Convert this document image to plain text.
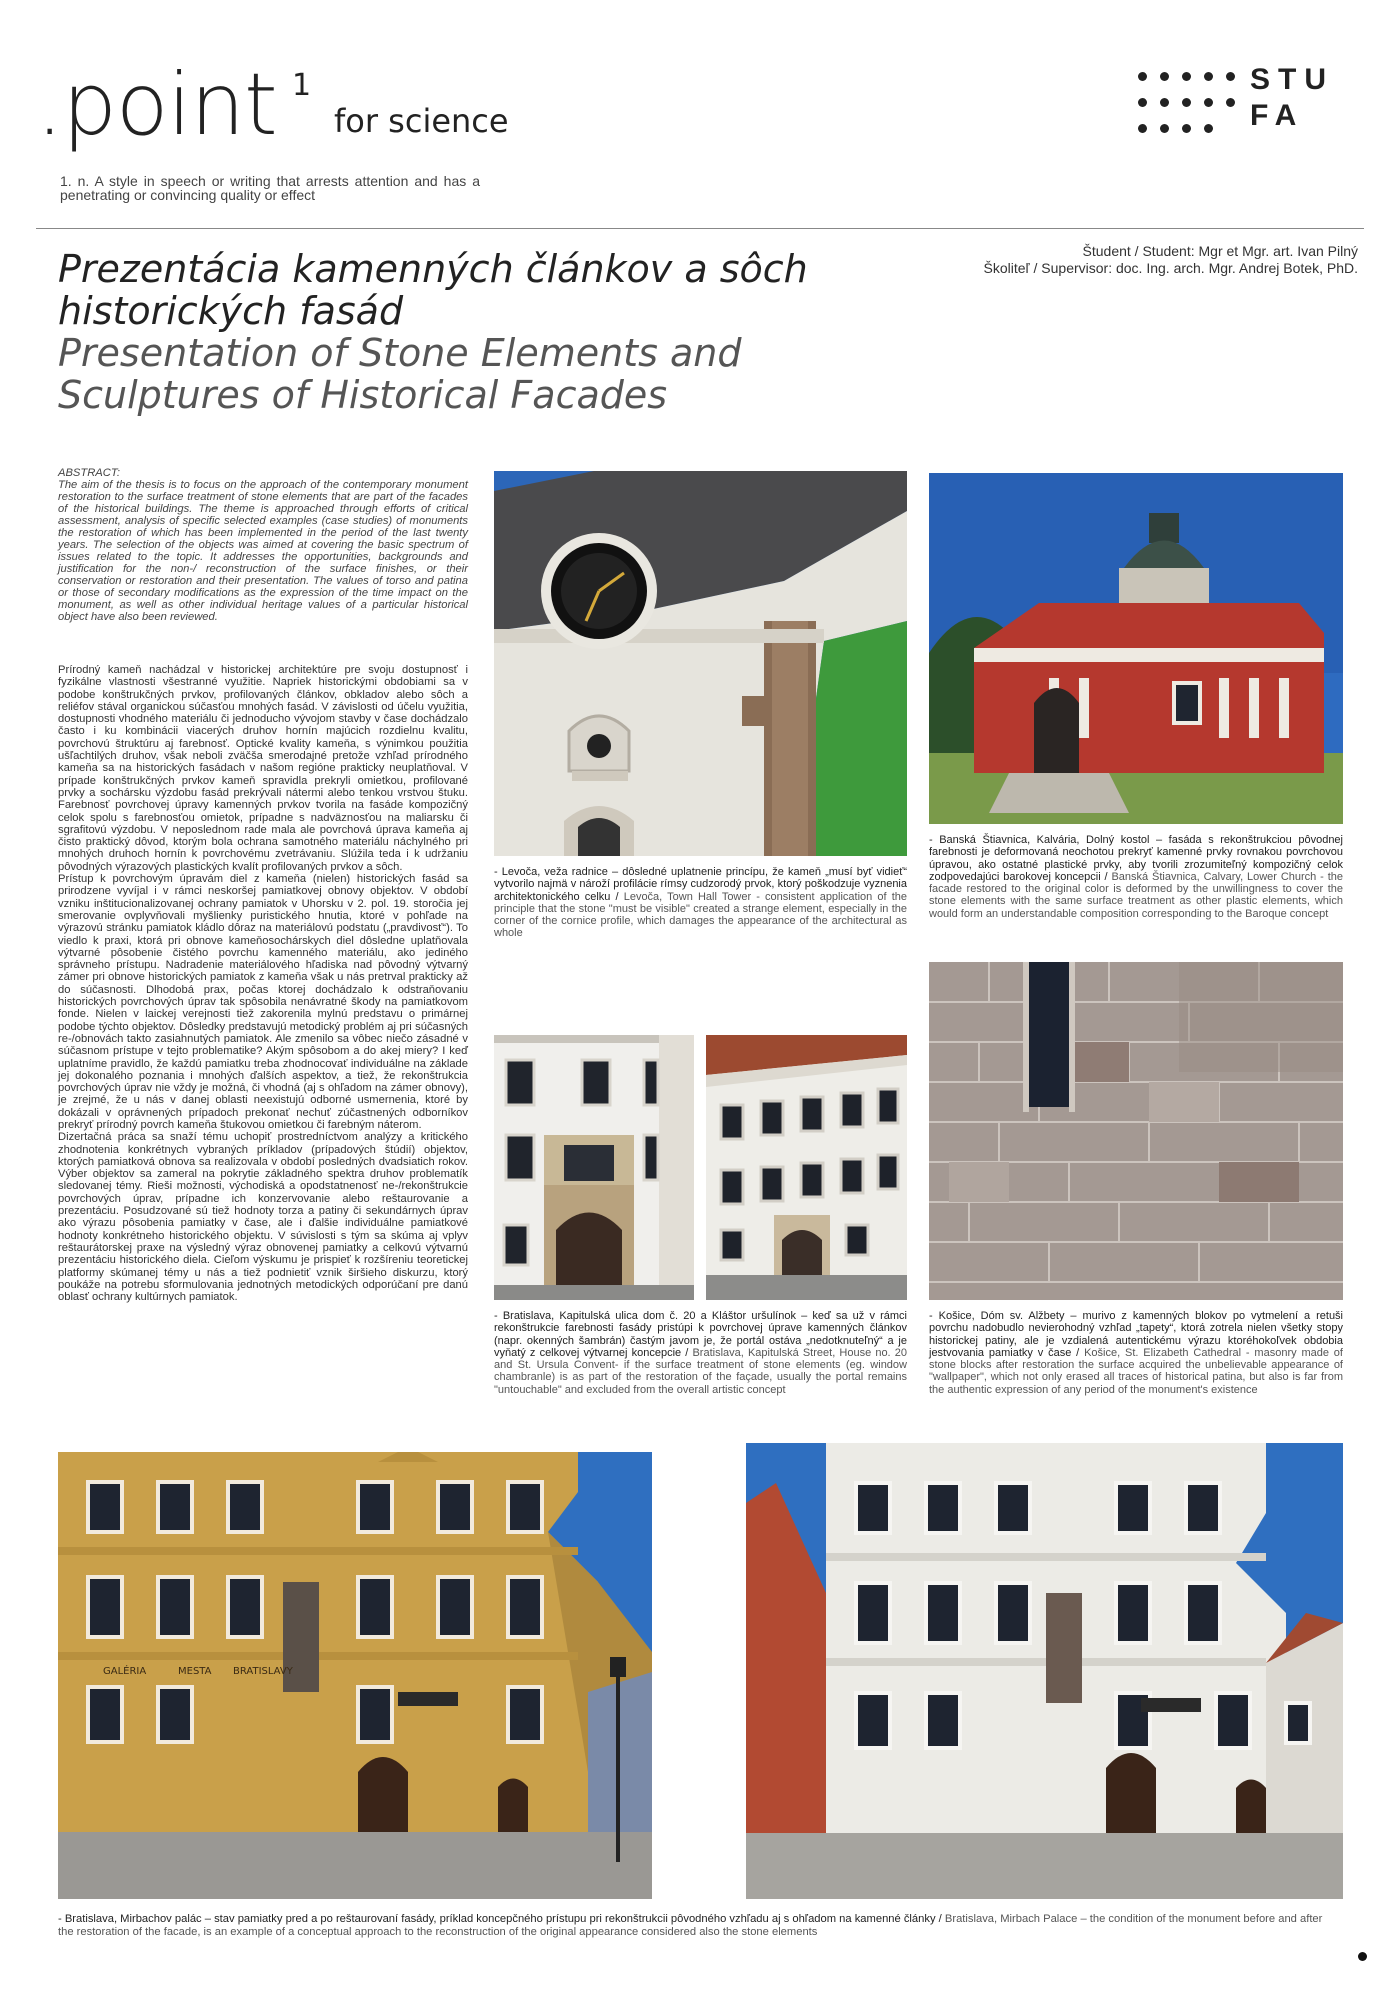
.point 1
for science
1. n. A style in speech or writing that arrests attention and has a penetrating or convincing quality or effect
STU
FA
Študent / Student: Mgr et Mgr. art. Ivan Pilný
Školiteľ / Supervisor: doc. Ing. arch. Mgr. Andrej Botek, PhD.
Prezentácia kamenných článkov a sôch historických fasád
Presentation of Stone Elements and Sculptures of Historical Facades
ABSTRACT:
The aim of the thesis is to focus on the approach of the contemporary monument restoration to the surface treatment of stone elements that are part of the facades of the historical buildings. The theme is approached through efforts of critical assessment, analysis of specific selected examples (case studies) of monuments the restoration of which has been implemented in the period of the last twenty years. The selection of the objects was aimed at covering the basic spectrum of issues related to the topic. It addresses the opportunities, backgrounds and justification for the non-/ reconstruction of the surface finishes, or their conservation or restoration and their presentation. The values of torso and patina or those of secondary modifications as the expression of the time impact on the monument, as well as other individual heritage values of a particular historical object have also been reviewed.

Prírodný kameň nachádzal v historickej architektúre pre svoju dostupnosť i fyzikálne vlastnosti všestranné využitie. Napriek historickými obdobiami sa v podobe konštrukčných prvkov, profilovaných článkov, obkladov alebo sôch a reliéfov stával organickou súčasťou mnohých fasád. V závislosti od účelu využitia, dostupnosti vhodného materiálu či jednoducho vývojom stavby v čase dochádzalo často i ku kombinácii viacerých druhov hornín majúcich rozdielnu kvalitu, povrchovú štruktúru aj farebnosť. Optické kvality kameňa, s výnimkou použitia ušľachtilých druhov, však neboli zväčša smerodajné pretože vzhľad prírodného kameňa sa na historických fasádach v našom regióne prakticky neuplatňoval. V prípade konštrukčných prvkov kameň spravidla prekryli omietkou, profilované prvky a sochársku výzdobu fasád prekrývali nátermi alebo tenkou vrstvou štuku. Farebnosť povrchovej úpravy kamenných prvkov tvorila na fasáde kompozičný celok spolu s farebnosťou omietok, prípadne s nadväznosťou na maliarsku či sgrafitovú výzdobu. V neposlednom rade mala ale povrchová úprava kameňa aj čisto praktický dôvod, ktorým bola ochrana samotného materiálu náchylného pri mnohých druhoch hornín k povrchovému zvetrávaniu. Slúžila teda i k udržaniu pôvodných výrazových plastických kvalít profilovaných prvkov a sôch.

Prístup k povrchovým úpravám diel z kameňa (nielen) historických fasád sa prirodzene vyvíjal i v rámci neskoršej pamiatkovej obnovy objektov. V období vzniku inštitucionalizovanej ochrany pamiatok v Uhorsku v 2. pol. 19. storočia jej smerovanie ovplyvňovali myšlienky puristického hnutia, ktoré v pohľade na výrazovú stránku pamiatok kládlo dôraz na materiálovú podstatu („pravdivosť“). To viedlo k praxi, ktorá pri obnove kameňosochárskych diel dôsledne uplatňovala výtvarné pôsobenie čistého povrchu kamenného materiálu, ako jediného správneho prístupu. Nadradenie materiálového hľadiska nad pôvodný výtvarný zámer pri obnove historických pamiatok z kameňa však u nás pretrval prakticky až do súčasnosti. Dlhodobá prax, počas ktorej dochádzalo k odstraňovaniu historických povrchových úprav tak spôsobila nenávratné škody na pamiatkovom fonde. Nielen v laickej verejnosti tiež zakorenila mylnú predstavu o primárnej podobe týchto objektov. Dôsledky predstavujú metodický problém aj pri súčasných re-/obnovách takto zasiahnutých pamiatok. Ale zmenilo sa vôbec niečo zásadné v súčasnom prístupe v tejto problematike? Akým spôsobom a do akej miery? I keď uplatníme pravidlo, že každú pamiatku treba zhodnocovať individuálne na základe jej dokonalého poznania i mnohých ďalších aspektov, a tiež, že rekonštrukcia povrchových úprav nie vždy je možná, či vhodná (aj s ohľadom na zámer obnovy), je zrejmé, že u nás v danej oblasti neexistujú odborné usmernenia, ktoré by dokázali v oprávnených prípadoch prekonať nechuť zúčastnených odborníkov prekryť prírodný povrch kameňa štukovou omietkou či farebným náterom.

Dizertačná práca sa snaží tému uchopiť prostredníctvom analýzy a kritického zhodnotenia konkrétnych vybraných príkladov (prípadových štúdií) objektov, ktorých pamiatková obnova sa realizovala v období posledných dvadsiatich rokov. Výber objektov sa zameral na pokrytie základného spektra druhov problematík sledovanej témy. Rieši možnosti, východiská a opodstatnenosť ne-/rekonštrukcie povrchových úprav, prípadne ich konzervovanie alebo reštaurovanie a prezentáciu. Posudzované sú tiež hodnoty torza a patiny či sekundárnych úprav ako výrazu pôsobenia pamiatky v čase, ale i ďalšie individuálne pamiatkové hodnoty konkrétneho historického objektu. V súvislosti s tým sa skúma aj vplyv reštaurátorskej praxe na výsledný výraz obnovenej pamiatky a celkovú výtvarnú prezentáciu historického diela. Cieľom výskumu je prispieť k rozšíreniu teoretickej platformy skúmanej témy u nás a tiež podnietiť vznik širšieho diskurzu, ktorý poukáže na potrebu sformulovania jednotných metodických odporúčaní pre danú oblasť ochrany kultúrnych pamiatok.

- Levoča, veža radnice – dôsledné uplatnenie princípu, že kameň „musí byť vidieť“ vytvorilo najmä v nároží profilácie rímsy cudzorodý prvok, ktorý poškodzuje vyznenia architektonického celku / Levoča, Town Hall Tower - consistent application of the principle that the stone "must be visible" created a strange element, especially in the corner of the cornice profile, which damages the appearance of the architectural as whole
- Banská Štiavnica, Kalvária, Dolný kostol – fasáda s rekonštrukciou pôvodnej farebnosti je deformovaná neochotou prekryť kamenné prvky rovnakou povrchovou úpravou, ako ostatné plastické prvky, aby tvorili zrozumiteľný kompozičný celok zodpovedajúci barokovej koncepcii / Banská Štiavnica, Calvary, Lower Church - the facade restored to the original color is deformed by the unwillingness to cover the stone elements with the same surface treatment as other plastic elements, which would form an understandable composition corresponding to the Baroque concept
- Bratislava, Kapitulská ulica dom č. 20 a Kláštor uršulínok – keď sa už v rámci rekonštrukcie farebnosti fasády pristúpi k povrchovej úprave kamenných článkov (napr. okenných šambrán) častým javom je, že portál ostáva „nedotknuteľný“ a je vyňatý z celkovej výtvarnej koncepcie / Bratislava, Kapitulská Street, House no. 20 and St. Ursula Convent- if the surface treatment of stone elements (eg. window chambranle) is as part of the restoration of the façade, usually the portal remains "untouchable" and excluded from the overall artistic concept
- Košice, Dóm sv. Alžbety – murivo z kamenných blokov po vytmelení a retuši povrchu nadobudlo nevierohodný vzhľad „tapety“, ktorá zotrela nielen všetky stopy historickej patiny, ale je vzdialená autentickému výrazu ktoréhokoľvek obdobia jestvovania pamiatky v čase / Košice, St. Elizabeth Cathedral - masonry made of stone blocks after restoration the surface acquired the unbelievable appearance of "wallpaper", which not only erased all traces of historical patina, but also is far from the authentic expression of any period of the monument's existence
GALÉRIA	MESTA BRATISLAVY
- Bratislava, Mirbachov palác – stav pamiatky pred a po reštaurovaní fasády, príklad koncepčného prístupu pri rekonštrukcii pôvodného vzhľadu aj s ohľadom na kamenné články / Bratislava, Mirbach Palace – the condition of the monument before and after the restoration of the facade, is an example of a conceptual approach to the reconstruction of the original appearance considered also the stone elements
